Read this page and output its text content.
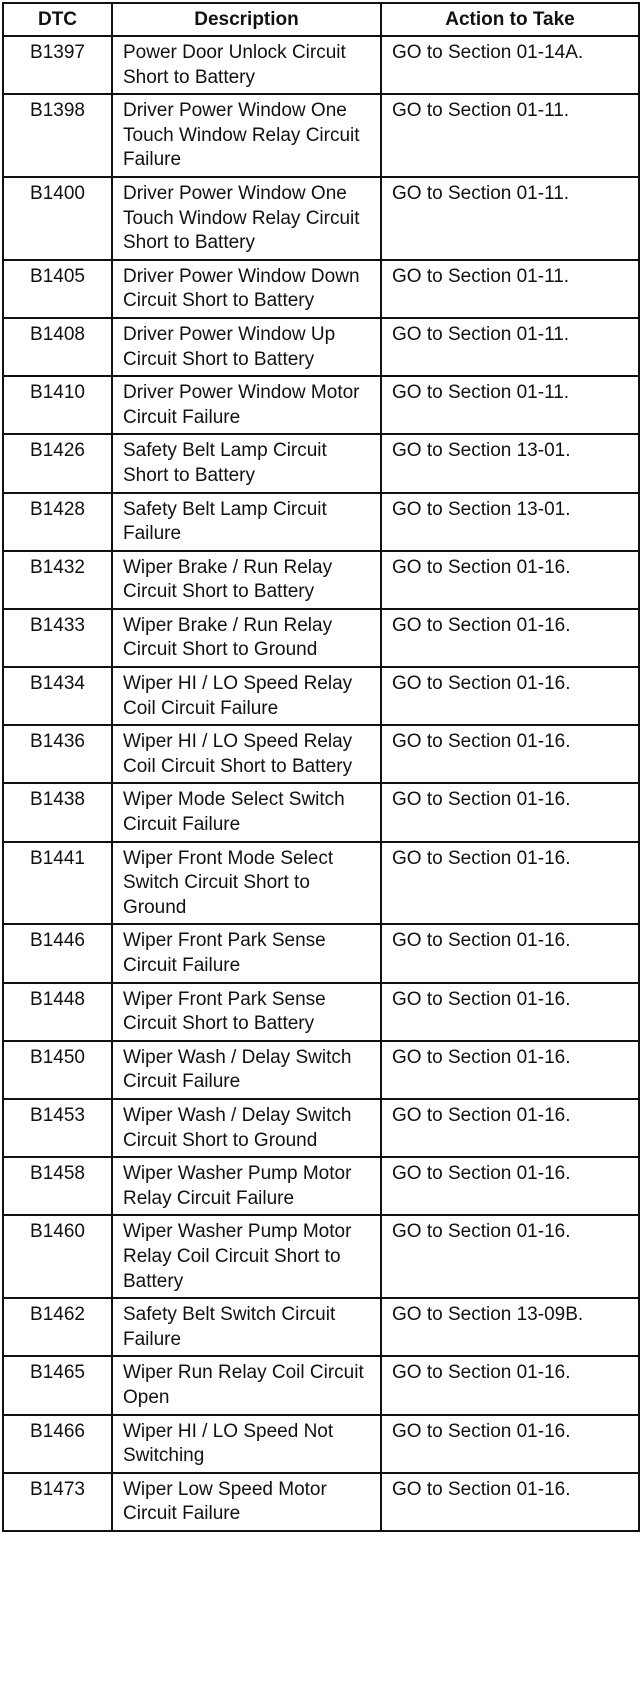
DTC	Description	Action to Take
B1397	Power Door Unlock Circuit Short to Battery	GO to Section 01-14A.
B1398	Driver Power Window One Touch Window Relay Circuit Failure	GO to Section 01-11.
B1400	Driver Power Window One Touch Window Relay Circuit Short to Battery	GO to Section 01-11.
B1405	Driver Power Window Down Circuit Short to Battery	GO to Section 01-11.
B1408	Driver Power Window Up Circuit Short to Battery	GO to Section 01-11.
B1410	Driver Power Window Motor Circuit Failure	GO to Section 01-11.
B1426	Safety Belt Lamp Circuit Short to Battery	GO to Section 13-01.
B1428	Safety Belt Lamp Circuit Failure	GO to Section 13-01.
B1432	Wiper Brake / Run Relay Circuit Short to Battery	GO to Section 01-16.
B1433	Wiper Brake / Run Relay Circuit Short to Ground	GO to Section 01-16.
B1434	Wiper HI / LO Speed Relay Coil Circuit Failure	GO to Section 01-16.
B1436	Wiper HI / LO Speed Relay Coil Circuit Short to Battery	GO to Section 01-16.
B1438	Wiper Mode Select Switch Circuit Failure	GO to Section 01-16.
B1441	Wiper Front Mode Select Switch Circuit Short to Ground	GO to Section 01-16.
B1446	Wiper Front Park Sense Circuit Failure	GO to Section 01-16.
B1448	Wiper Front Park Sense Circuit Short to Battery	GO to Section 01-16.
B1450	Wiper Wash / Delay Switch Circuit Failure	GO to Section 01-16.
B1453	Wiper Wash / Delay Switch Circuit Short to Ground	GO to Section 01-16.
B1458	Wiper Washer Pump Motor Relay Circuit Failure	GO to Section 01-16.
B1460	Wiper Washer Pump Motor Relay Coil Circuit Short to Battery	GO to Section 01-16.
B1462	Safety Belt Switch Circuit Failure	GO to Section 13-09B.
B1465	Wiper Run Relay Coil Circuit Open	GO to Section 01-16.
B1466	Wiper HI / LO Speed Not Switching	GO to Section 01-16.
B1473	Wiper Low Speed Motor Circuit Failure	GO to Section 01-16.
